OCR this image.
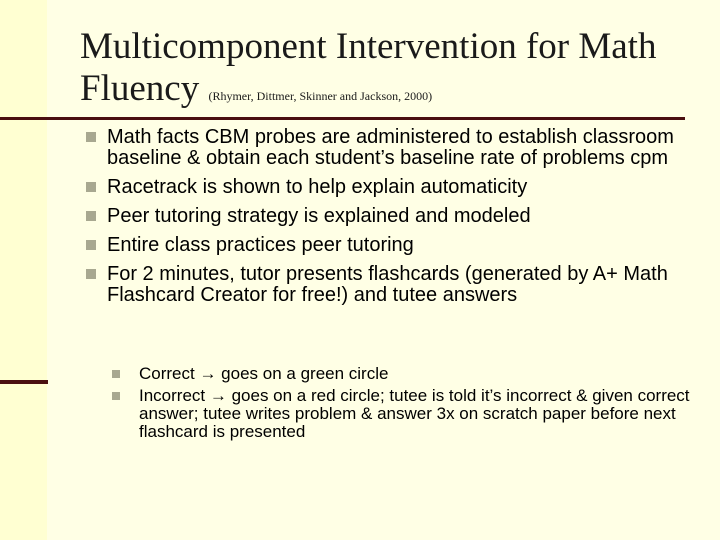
Multicomponent Intervention for Math Fluency (Rhymer, Dittmer, Skinner and Jackson, 2000)
Math facts CBM probes are administered to establish classroom baseline & obtain each student’s baseline rate of problems cpm
Racetrack is shown to help explain automaticity
Peer tutoring strategy is explained and modeled
Entire class practices peer tutoring
For 2 minutes, tutor presents flashcards (generated by A+ Math Flashcard Creator for free!) and tutee answers
Correct → goes on a green circle
Incorrect → goes on a red circle; tutee is told it’s incorrect & given correct answer; tutee writes problem & answer 3x on scratch paper before next flashcard is presented
